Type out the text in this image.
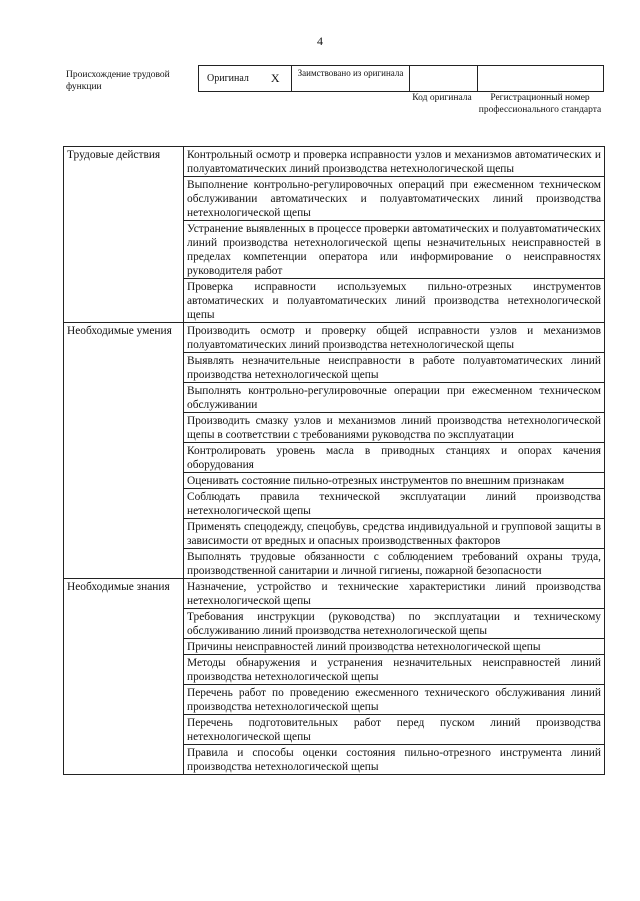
4
Происхождение трудовой функции
Оригинал X	Заимствовано из оригинала
Код оригинала	Регистрационный номер профессионального стандарта
Трудовые действия	Контрольный осмотр и проверка исправности узлов и механизмов автоматических и полуавтоматических линий производства нетехнологической щепы
	Выполнение контрольно-регулировочных операций при ежесменном техническом обслуживании автоматических и полуавтоматических линий производства нетехнологической щепы
	Устранение выявленных в процессе проверки автоматических и полуавтоматических линий производства нетехнологической щепы незначительных неисправностей в пределах компетенции оператора или информирование о неисправностях руководителя работ
	Проверка исправности используемых пильно-отрезных инструментов автоматических и полуавтоматических линий производства нетехнологической щепы
Необходимые умения	Производить осмотр и проверку общей исправности узлов и механизмов полуавтоматических линий производства нетехнологической щепы
	Выявлять незначительные неисправности в работе полуавтоматических линий производства нетехнологической щепы
	Выполнять контрольно-регулировочные операции при ежесменном техническом обслуживании
	Производить смазку узлов и механизмов линий производства нетехнологической щепы в соответствии с требованиями руководства по эксплуатации
	Контролировать уровень масла в приводных станциях и опорах качения оборудования
	Оценивать состояние пильно-отрезных инструментов по внешним признакам
	Соблюдать правила технической эксплуатации линий производства нетехнологической щепы
	Применять спецодежду, спецобувь, средства индивидуальной и групповой защиты в зависимости от вредных и опасных производственных факторов
	Выполнять трудовые обязанности с соблюдением требований охраны труда, производственной санитарии и личной гигиены, пожарной безопасности
Необходимые знания	Назначение, устройство и технические характеристики линий производства нетехнологической щепы
	Требования инструкции (руководства) по эксплуатации и техническому обслуживанию линий производства нетехнологической щепы
	Причины неисправностей линий производства нетехнологической щепы
	Методы обнаружения и устранения незначительных неисправностей линий производства нетехнологической щепы
	Перечень работ по проведению ежесменного технического обслуживания линий производства нетехнологической щепы
	Перечень подготовительных работ перед пуском линий производства нетехнологической щепы
	Правила и способы оценки состояния пильно-отрезного инструмента линий производства нетехнологической щепы
